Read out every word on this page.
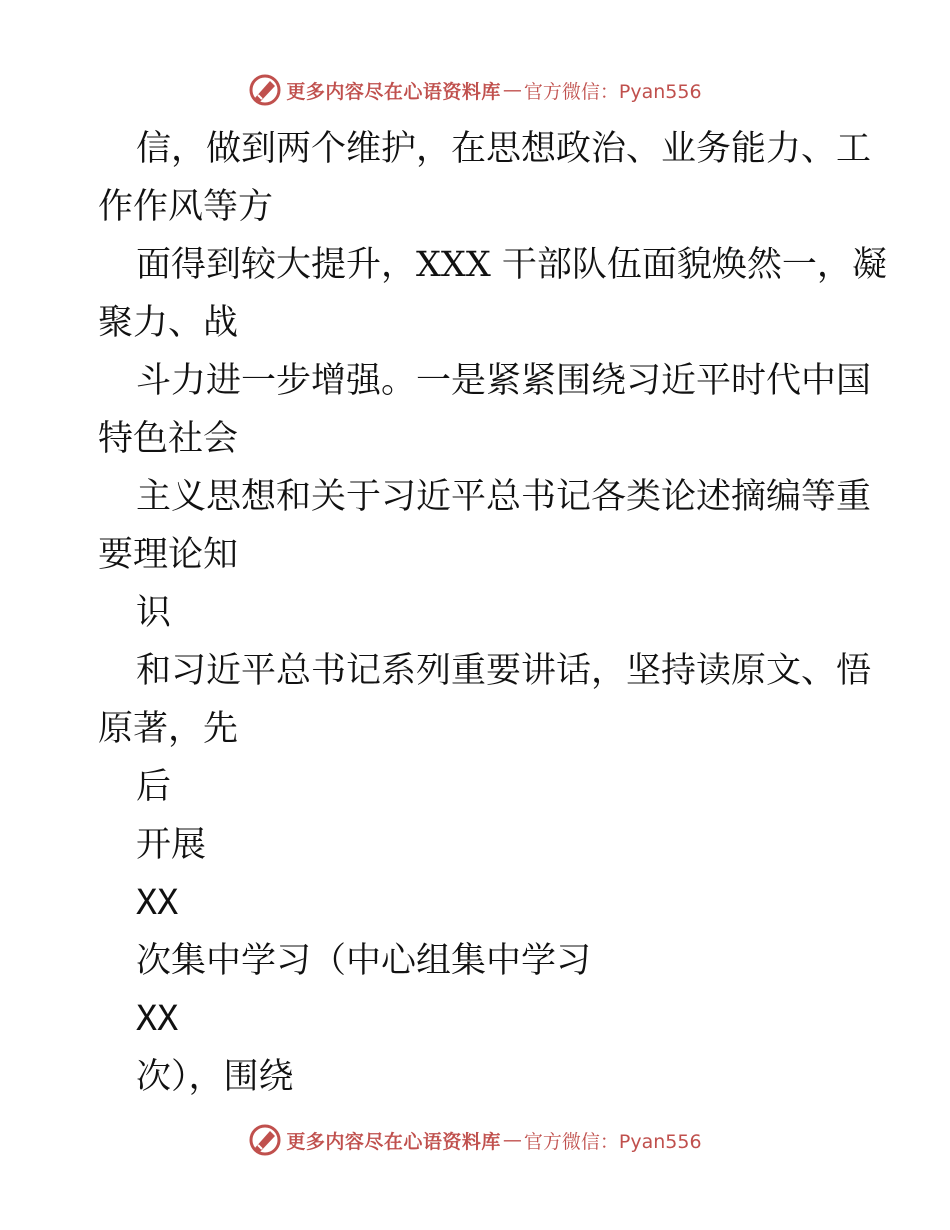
更多内容尽在心语资料库 — 官方微信：Pyan556
信，做到两个维护，在思想政治、业务能力、工
作作风等方
面得到较大提升，XXX 干部队伍面貌焕然一，凝
聚力、战
斗力进一步增强。一是紧紧围绕习近平时代中国
特色社会
主义思想和关于习近平总书记各类论述摘编等重
要理论知
识
和习近平总书记系列重要讲话，坚持读原文、悟
原著，先
后
开展
XX
次集中学习（中心组集中学习
XX
次），围绕
更多内容尽在心语资料库 — 官方微信：Pyan556
